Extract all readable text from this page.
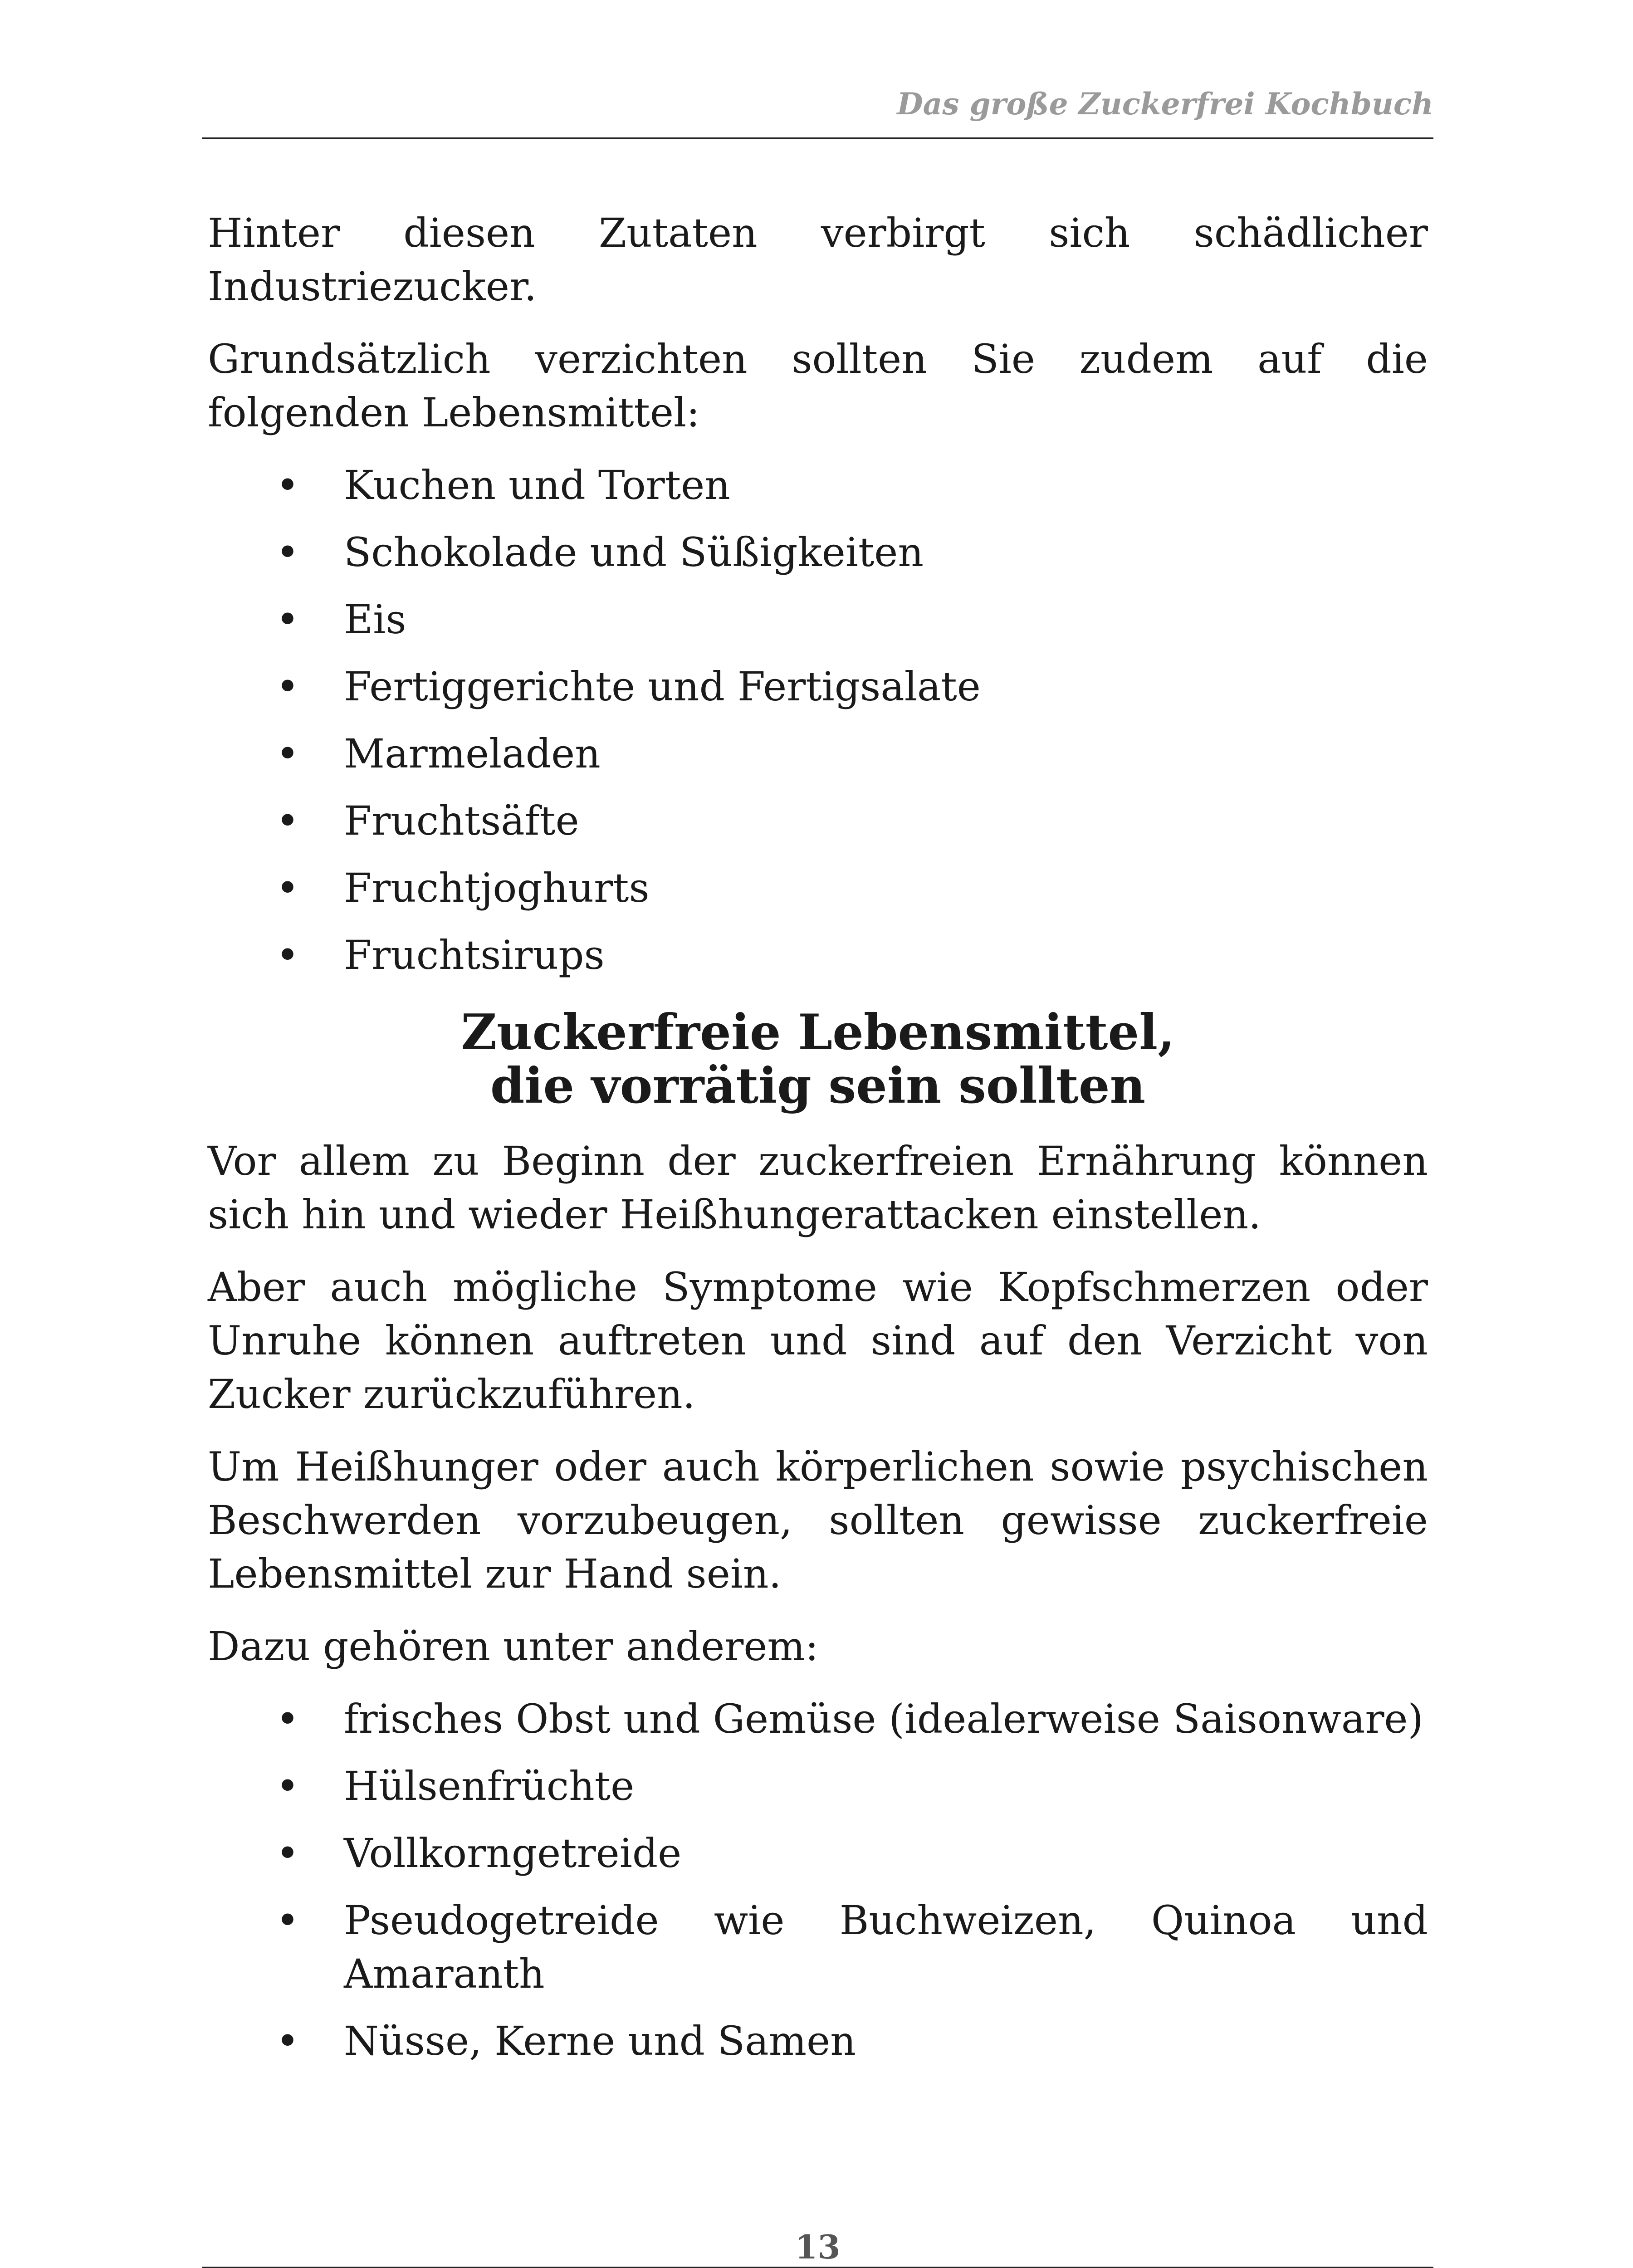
Das große Zuckerfrei Kochbuch

Hinter diesen Zutaten verbirgt sich schädlicher Industriezucker.

Grundsätzlich verzichten sollten Sie zudem auf die folgenden Lebensmittel:

• Kuchen und Torten
• Schokolade und Süßigkeiten
• Eis
• Fertiggerichte und Fertigsalate
• Marmeladen
• Fruchtsäfte
• Fruchtjoghurts
• Fruchtsirups
Zuckerfreie Lebensmittel,
die vorrätig sein sollten

Vor allem zu Beginn der zuckerfreien Ernährung können sich hin und wieder Heißhungerattacken einstellen.

Aber auch mögliche Symptome wie Kopfschmerzen oder Unruhe können auftreten und sind auf den Verzicht von Zucker zurückzuführen.

Um Heißhunger oder auch körperlichen sowie psychischen Beschwerden vorzubeugen, sollten gewisse zuckerfreie Lebensmittel zur Hand sein.

Dazu gehören unter anderem:

• frisches Obst und Gemüse (idealerweise Saisonware)
• Hülsenfrüchte
• Vollkorngetreide
• Pseudogetreide wie Buchweizen, Quinoa und Amaranth
• Nüsse, Kerne und Samen
13
